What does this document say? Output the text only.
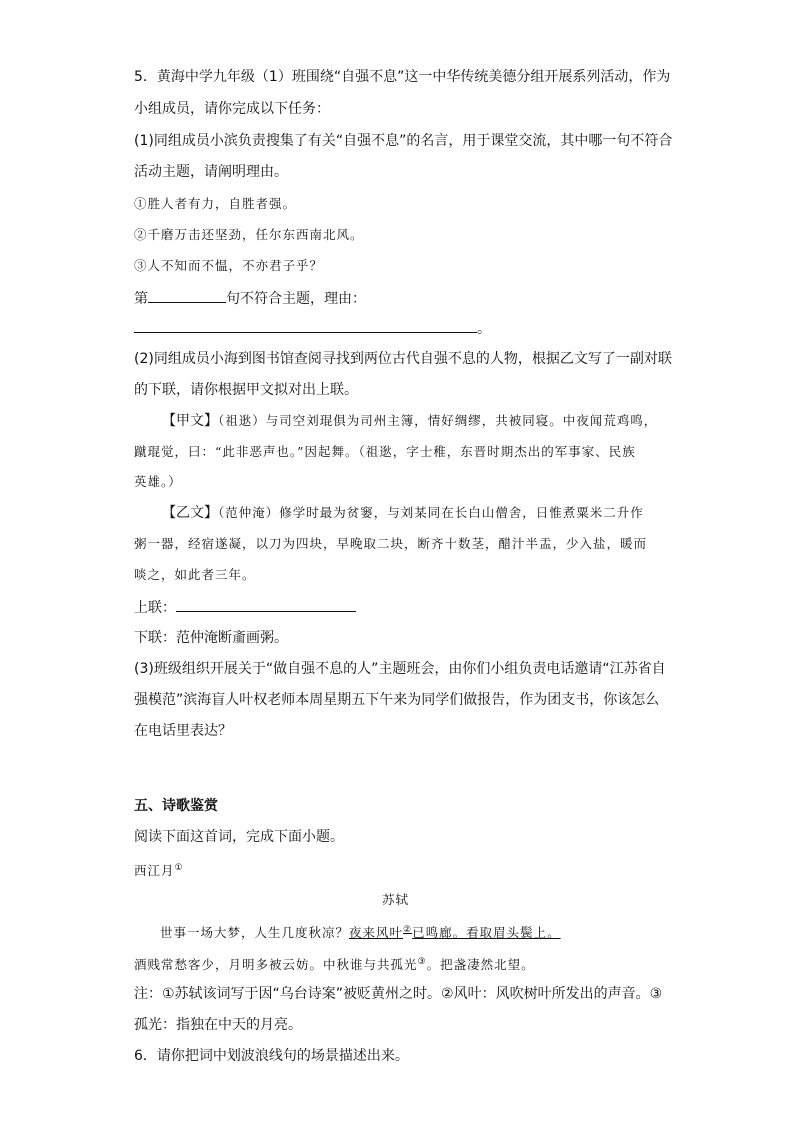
5．黄海中学九年级（1）班围绕“自强不息”这一中华传统美德分组开展系列活动，作为
小组成员，请你完成以下任务：
(1)同组成员小滨负责搜集了有关“自强不息”的名言，用于课堂交流，其中哪一句不符合
活动主题，请阐明理由。
①胜人者有力，自胜者强。
②千磨万击还坚劲，任尔东西南北风。
③人不知而不愠，不亦君子乎？
第	句不符合主题，理由：
。
(2)同组成员小海到图书馆查阅寻找到两位古代自强不息的人物，根据乙文写了一副对联
的下联，请你根据甲文拟对出上联。
【甲文】（祖逖）与司空刘琨俱为司州主簿，情好绸缪，共被同寝。中夜闻荒鸡鸣，
蹴琨觉，曰：“此非恶声也。”因起舞。（祖逖，字士稚，东晋时期杰出的军事家、民族
英雄。）
【乙文】（范仲淹）修学时最为贫窭，与刘某同在长白山僧舍，日惟煮粟米二升作
粥一器，经宿遂凝，以刀为四块，早晚取二块，断齐十数茎，醋汁半盂，少入盐，暖而
啖之，如此者三年。
上联：
下联：范仲淹断齑画粥。
(3)班级组织开展关于“做自强不息的人”主题班会，由你们小组负责电话邀请“江苏省自
强模范”滨海盲人叶权老师本周星期五下午来为同学们做报告，作为团支书，你该怎么
在电话里表达？
五、诗歌鉴赏
阅读下面这首词，完成下面小题。
西江月①
苏轼
世事一场大梦，人生几度秋凉？夜来风叶②已鸣廊。看取眉头鬓上。
酒贱常愁客少，月明多被云妨。中秋谁与共孤光③。把盏凄然北望。
注：①苏轼该词写于因“乌台诗案”被贬黄州之时。②风叶：风吹树叶所发出的声音。③
孤光：指独在中天的月亮。
6．请你把词中划波浪线句的场景描述出来。
